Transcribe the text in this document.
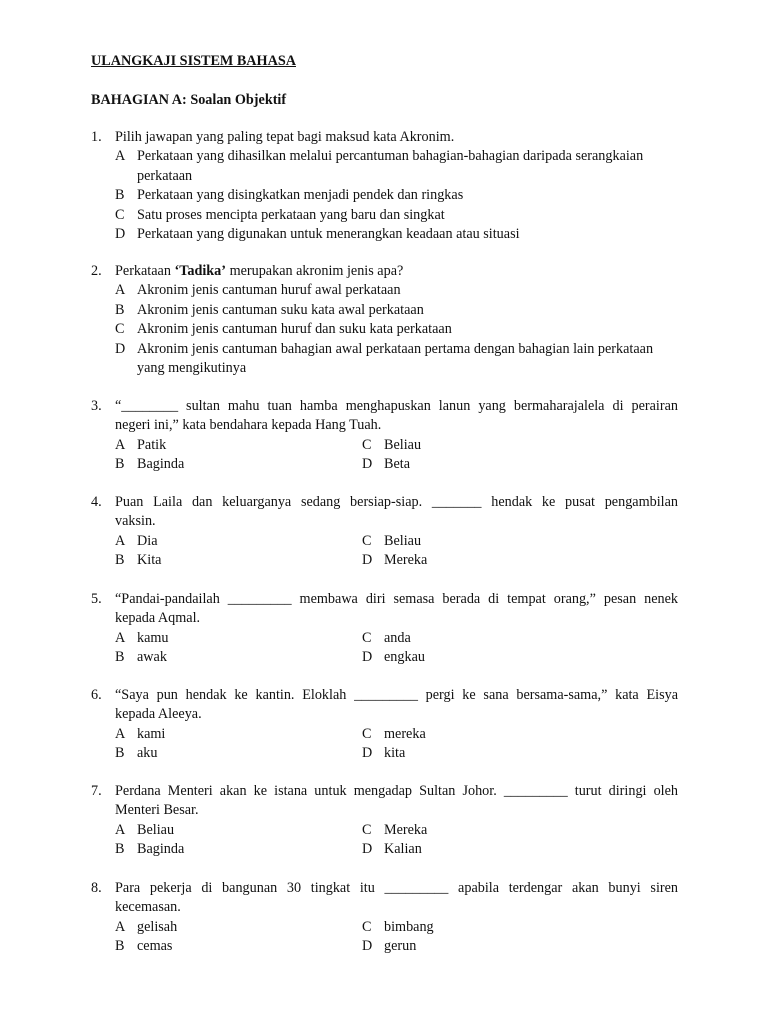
ULANGKAJI SISTEM BAHASA
BAHAGIAN A: Soalan Objektif
1. Pilih jawapan yang paling tepat bagi maksud kata Akronim.
A Perkataan yang dihasilkan melalui percantuman bahagian-bahagian daripada serangkaian perkataan
B Perkataan yang disingkatkan menjadi pendek dan ringkas
C Satu proses mencipta perkataan yang baru dan singkat
D Perkataan yang digunakan untuk menerangkan keadaan atau situasi
2. Perkataan ‘Tadika’ merupakan akronim jenis apa?
A Akronim jenis cantuman huruf awal perkataan
B Akronim jenis cantuman suku kata awal perkataan
C Akronim jenis cantuman huruf dan suku kata perkataan
D Akronim jenis cantuman bahagian awal perkataan pertama dengan bahagian lain perkataan yang mengikutinya
3. “________ sultan mahu tuan hamba menghapuskan lanun yang bermaharajalela di perairan
negeri ini,” kata bendahara kepada Hang Tuah.
A Patik
B Baginda
C Beliau
D Beta
4. Puan Laila dan keluarganya sedang bersiap-siap. _______ hendak ke pusat pengambilan
vaksin.
A Dia
B Kita
C Beliau
D Mereka
5. “Pandai-pandailah _________ membawa diri semasa berada di tempat orang,” pesan nenek
kepada Aqmal.
A kamu
B awak
C anda
D engkau
6. “Saya pun hendak ke kantin. Eloklah _________ pergi ke sana bersama-sama,” kata Eisya
kepada Aleeya.
A kami
B aku
C mereka
D kita
7. Perdana Menteri akan ke istana untuk mengadap Sultan Johor. _________ turut diringi oleh
Menteri Besar.
A Beliau
B Baginda
C Mereka
D Kalian
8. Para pekerja di bangunan 30 tingkat itu _________ apabila terdengar akan bunyi siren
kecemasan.
A gelisah
B cemas
C bimbang
D gerun
